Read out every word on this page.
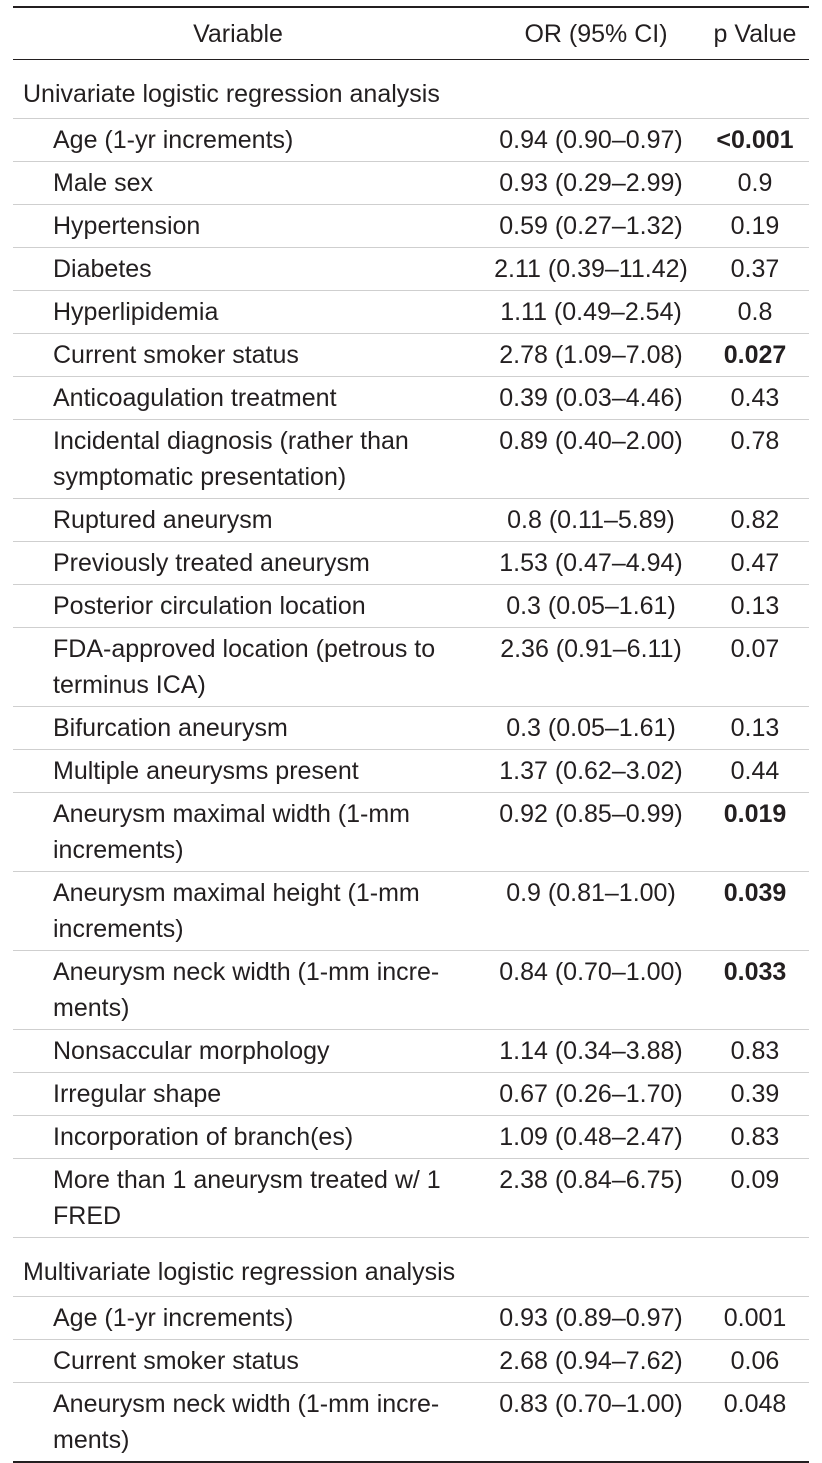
Variable	OR (95% CI)	p Value
Univariate logistic regression analysis		
Age (1-yr increments)	0.94 (0.90–0.97)	<0.001
Male sex	0.93 (0.29–2.99)	0.9
Hypertension	0.59 (0.27–1.32)	0.19
Diabetes	2.11 (0.39–11.42)	0.37
Hyperlipidemia	1.11 (0.49–2.54)	0.8
Current smoker status	2.78 (1.09–7.08)	0.027
Anticoagulation treatment	0.39 (0.03–4.46)	0.43
Incidental diagnosis (rather than symptomatic presentation)	0.89 (0.40–2.00)	0.78
Ruptured aneurysm	0.8 (0.11–5.89)	0.82
Previously treated aneurysm	1.53 (0.47–4.94)	0.47
Posterior circulation location	0.3 (0.05–1.61)	0.13
FDA-approved location (petrous to terminus ICA)	2.36 (0.91–6.11)	0.07
Bifurcation aneurysm	0.3 (0.05–1.61)	0.13
Multiple aneurysms present	1.37 (0.62–3.02)	0.44
Aneurysm maximal width (1-mm increments)	0.92 (0.85–0.99)	0.019
Aneurysm maximal height (1-mm increments)	0.9 (0.81–1.00)	0.039
Aneurysm neck width (1-mm incre-ments)	0.84 (0.70–1.00)	0.033
Nonsaccular morphology	1.14 (0.34–3.88)	0.83
Irregular shape	0.67 (0.26–1.70)	0.39
Incorporation of branch(es)	1.09 (0.48–2.47)	0.83
More than 1 aneurysm treated w/ 1 FRED	2.38 (0.84–6.75)	0.09
Multivariate logistic regression analysis		
Age (1-yr increments)	0.93 (0.89–0.97)	0.001
Current smoker status	2.68 (0.94–7.62)	0.06
Aneurysm neck width (1-mm incre-ments)	0.83 (0.70–1.00)	0.048
